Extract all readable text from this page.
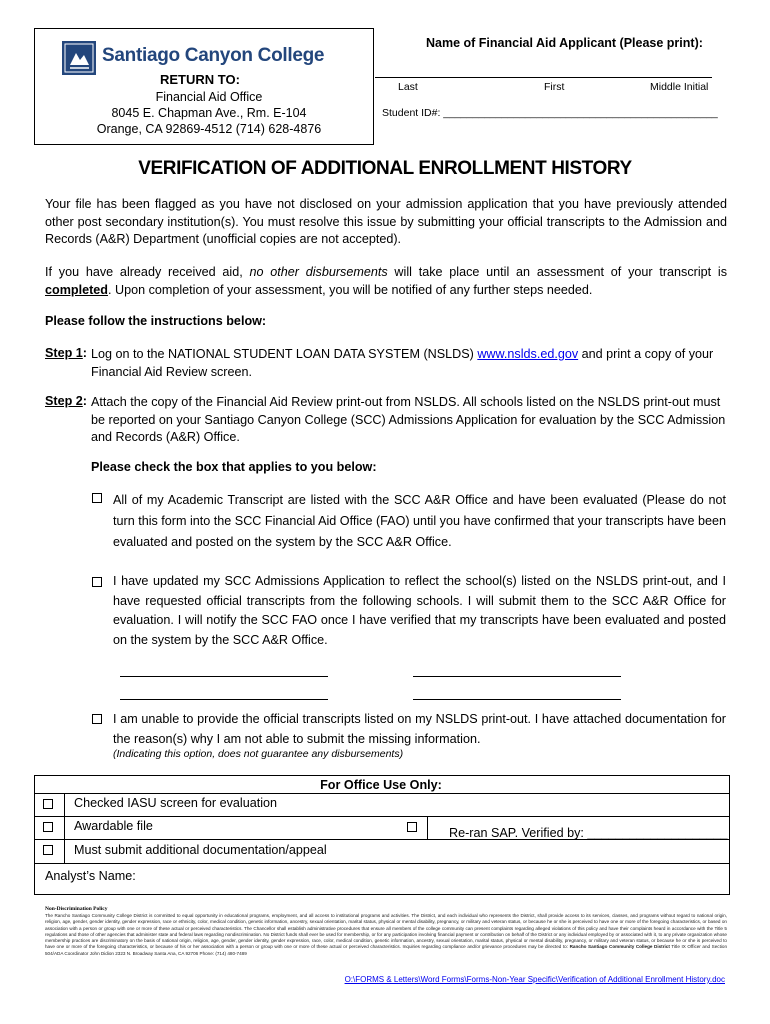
Santiago Canyon College
RETURN TO:
Financial Aid Office
8045 E. Chapman Ave., Rm. E-104
Orange, CA 92869-4512 (714) 628-4876
Name of Financial Aid Applicant (Please print):
Last	First	Middle Initial
Student ID#: _______________________________________________
VERIFICATION OF ADDITIONAL ENROLLMENT HISTORY
Your file has been flagged as you have not disclosed on your admission application that you have previously attended other post secondary institution(s). You must resolve this issue by submitting your official transcripts to the Admission and Records (A&R) Department (unofficial copies are not accepted).
If you have already received aid, no other disbursements will take place until an assessment of your transcript is completed. Upon completion of your assessment, you will be notified of any further steps needed.
Please follow the instructions below:
Step 1: Log on to the NATIONAL STUDENT LOAN DATA SYSTEM (NSLDS) www.nslds.ed.gov and print a copy of your Financial Aid Review screen.
Step 2: Attach the copy of the Financial Aid Review print-out from NSLDS. All schools listed on the NSLDS print-out must be reported on your Santiago Canyon College (SCC) Admissions Application for evaluation by the SCC Admission and Records (A&R) Office.
Please check the box that applies to you below:
All of my Academic Transcript are listed with the SCC A&R Office and have been evaluated (Please do not turn this form into the SCC Financial Aid Office (FAO) until you have confirmed that your transcripts have been evaluated and posted on the system by the SCC A&R Office.
I have updated my SCC Admissions Application to reflect the school(s) listed on the NSLDS print-out, and I have requested official transcripts from the following schools. I will submit them to the SCC A&R Office for evaluation. I will notify the SCC FAO once I have verified that my transcripts have been evaluated and posted on the system by the SCC A&R Office.
I am unable to provide the official transcripts listed on my NSLDS print-out. I have attached documentation for the reason(s) why I am not able to submit the missing information.
(Indicating this option, does not guarantee any disbursements)
For Office Use Only:
Checked IASU screen for evaluation
Awardable file	Re-ran SAP. Verified by: ____________________
Must submit additional documentation/appeal
Analyst’s Name:
Non-Discrimination Policy
The Rancho Santiago Community College District is committed to equal opportunity in educational programs, employment, and all access to institutional programs and activities. The District, and each individual who represents the District, shall provide access to its services, classes, and programs without regard to national origin, religion, age, gender, gender identity, gender expression, race or ethnicity, color, medical condition, genetic information, ancestry, sexual orientation, marital status, physical or mental disability, pregnancy, or military and veteran status, or because he or she is perceived to have one or more of the foregoing characteristics, or based on association with a person or group with one or more of these actual or perceived characteristics. The Chancellor shall establish administrative procedures that ensure all members of the college community can present complaints regarding alleged violations of this policy and have their complaints heard in accordance with the Title 5 regulations and those of other agencies that administer state and federal laws regarding nondiscrimination. No District funds shall ever be used for membership, or for any participation involving financial payment or contribution on behalf of the District or any individual employed by or associated with it, to any private organization whose membership practices are discriminatory on the basis of national origin, religion, age, gender, gender identity, gender expression, race, color, medical condition, genetic information, ancestry, sexual orientation, marital status, physical or mental disability, pregnancy, or military and veteran status, or because he or she is perceived to have one or more of the foregoing characteristics, or because of his or her association with a person or group with one or more of these actual or perceived characteristics. Inquiries regarding compliance and/or grievance procedures may be directed to: Rancho Santiago Community College District Title IX Officer and Section 504/ADA Coordinator John Didion 2323 N. Broadway Santa Ana, CA 92706 Phone: (714) 480-7489
O:\FORMS & Letters\Word Forms\Forms-Non-Year Specific\Verification of Additional Enrollment History.doc
